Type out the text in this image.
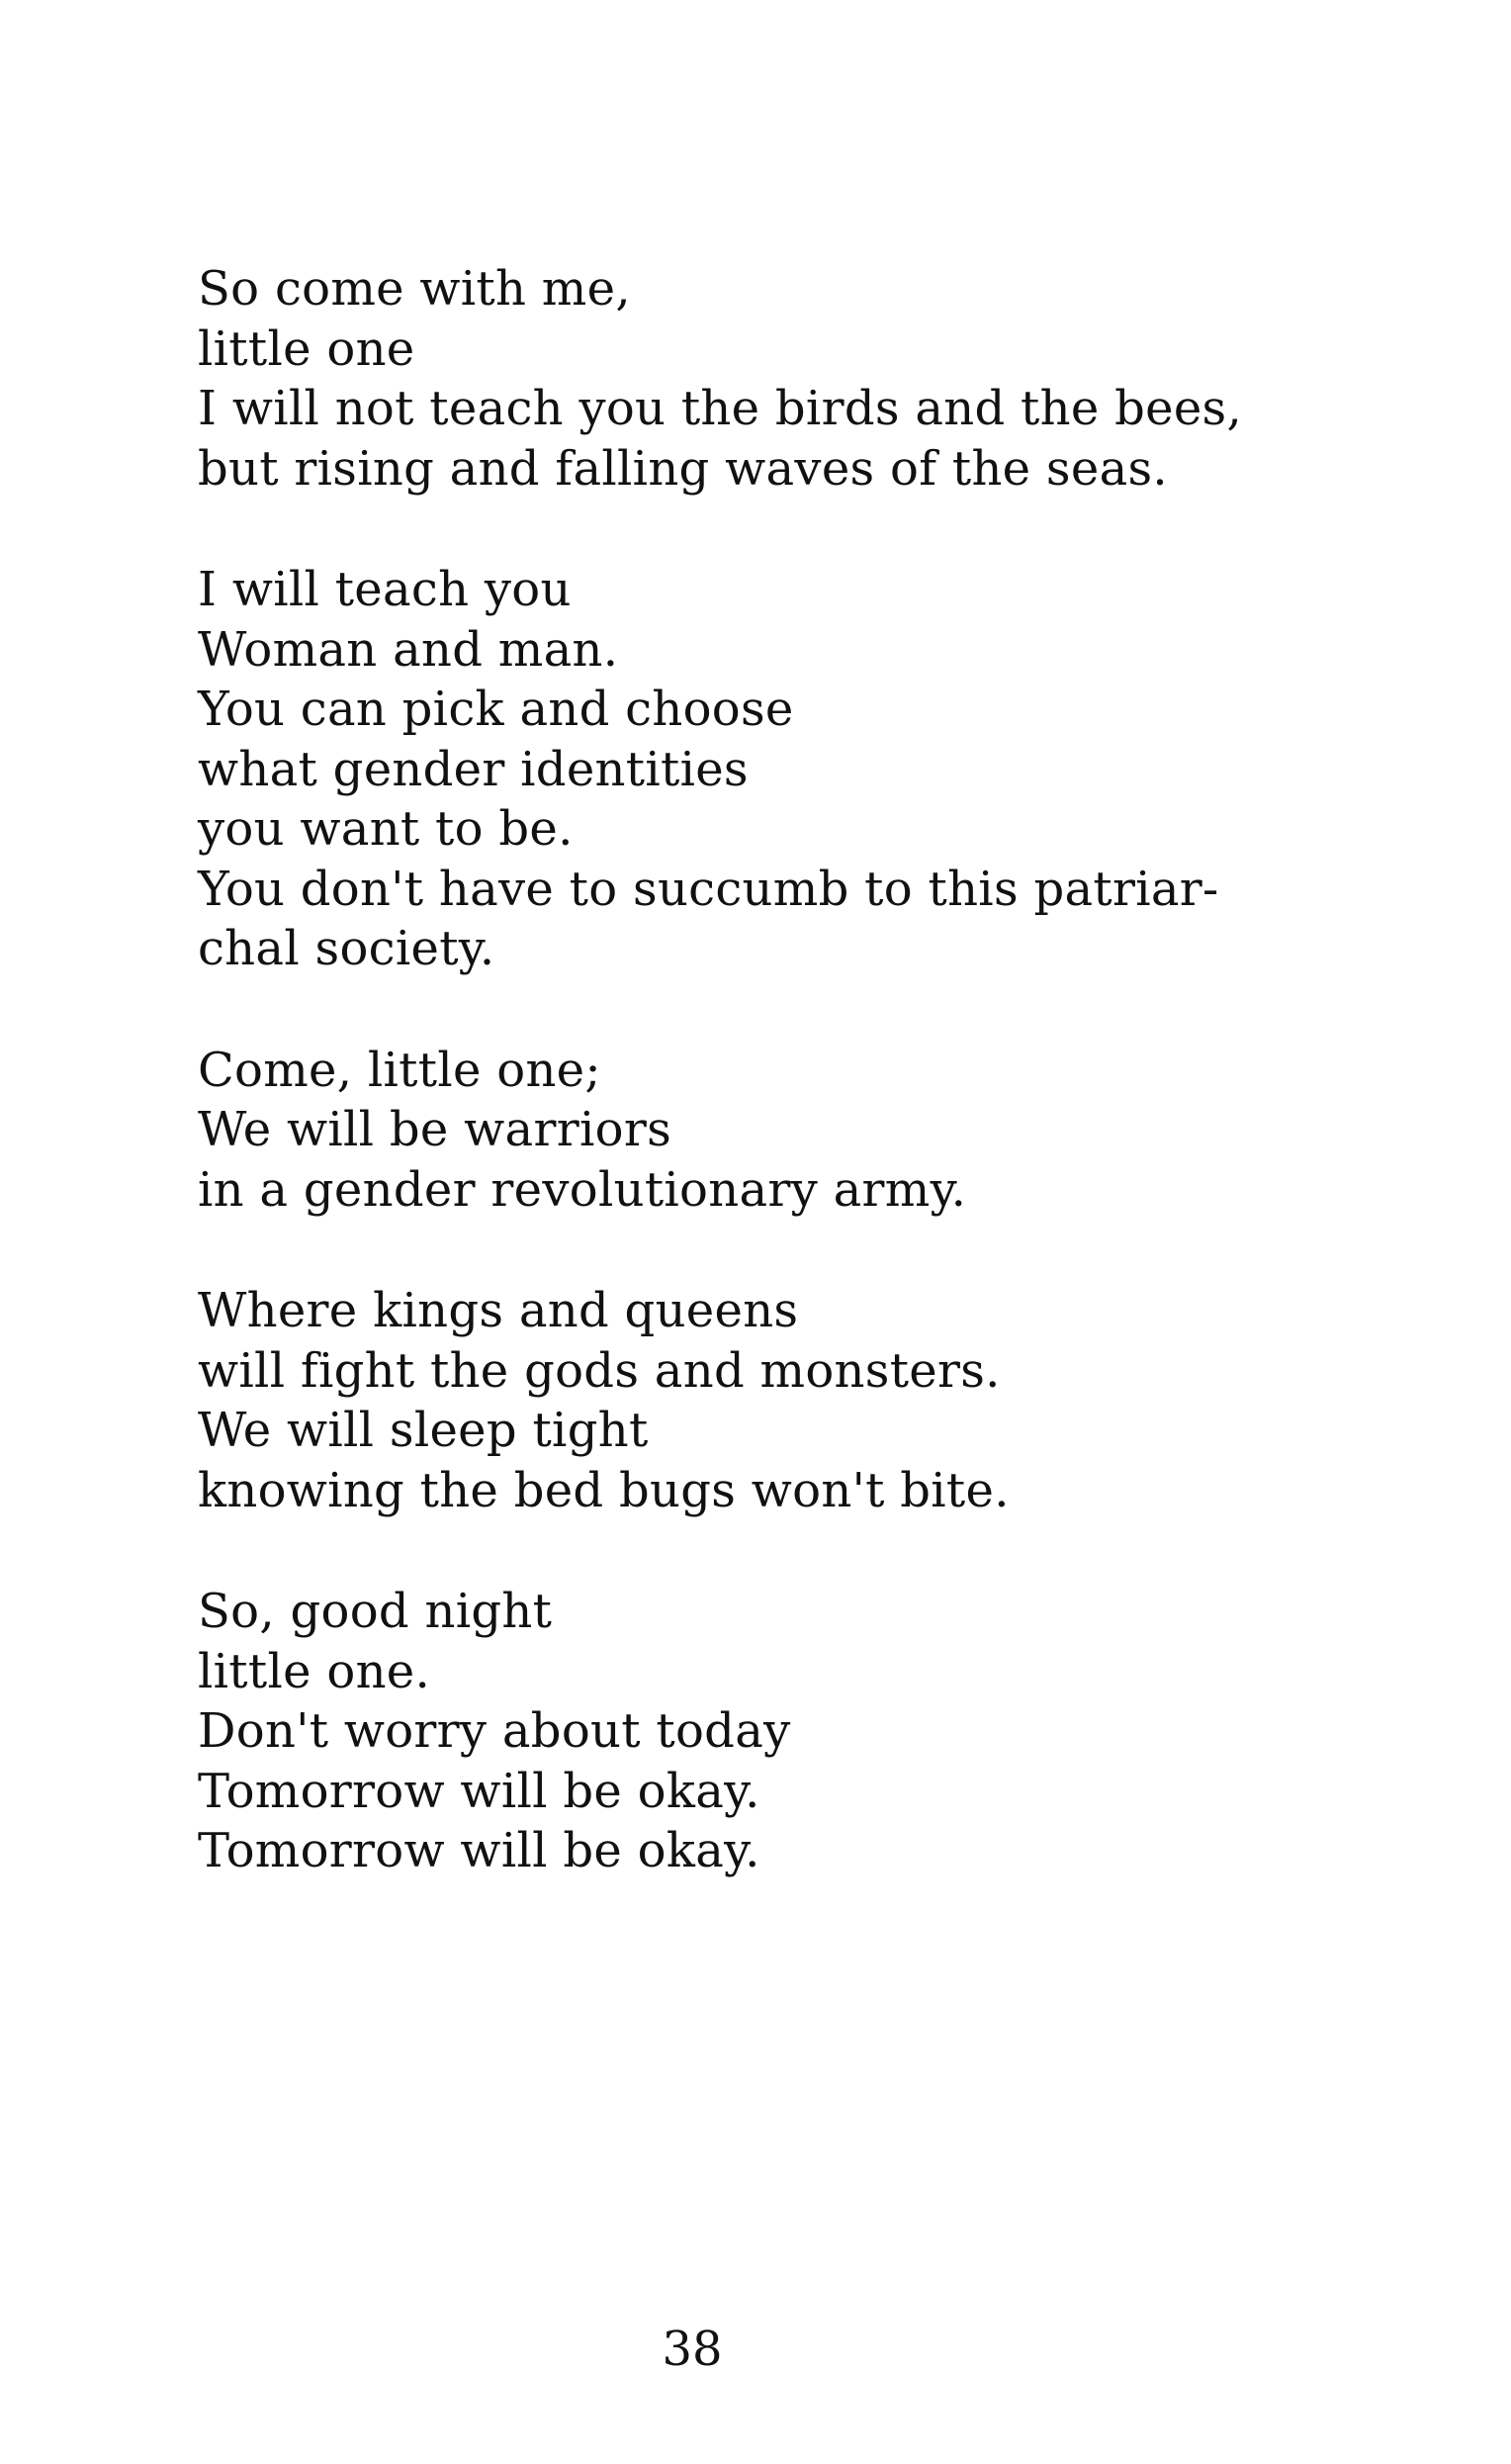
So come with me,
little one
I will not teach you the birds and the bees,
but rising and falling waves of the seas.
I will teach you
Woman and man.
You can pick and choose
what gender identities
you want to be.
You don't have to succumb to this patriar-
chal society.
Come, little one;
We will be warriors
in a gender revolutionary army.
Where kings and queens
will fight the gods and monsters.
We will sleep tight
knowing the bed bugs won't bite.
So, good night
little one.
Don't worry about today
Tomorrow will be okay.
Tomorrow will be okay.
38
